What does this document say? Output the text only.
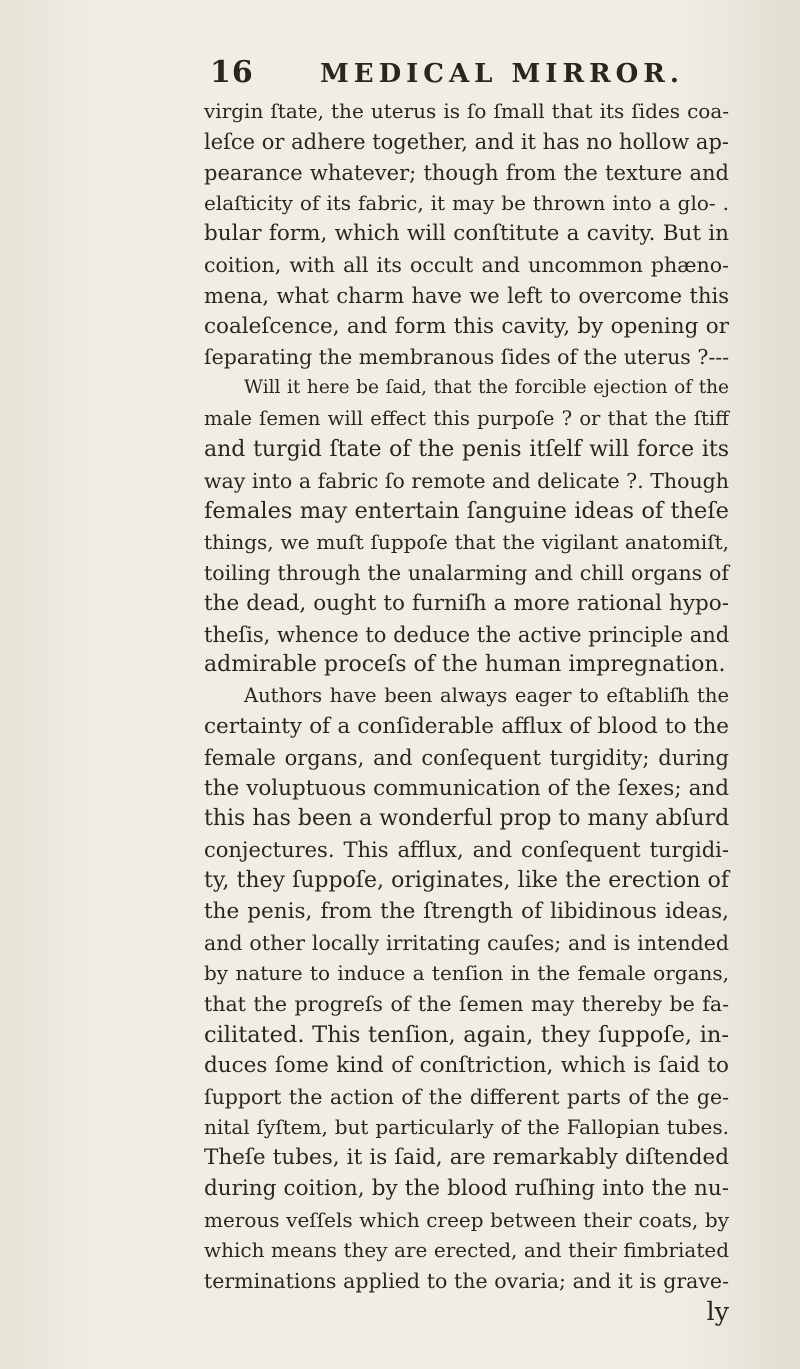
16	MEDICAL MIRROR.
virgin ſtate, the uterus is ſo ſmall that its ſides coa-
leſce or adhere together, and it has no hollow ap-
pearance whatever; though from the texture and
elaſticity of its fabric, it may be thrown into a glo- .
bular form, which will conſtitute a cavity. But in
coition, with all its occult and uncommon phæno-
mena, what charm have we left to overcome this
coaleſcence, and form this cavity, by opening or
ſeparating the membranous ſides of the uterus ?---
Will it here be ſaid, that the forcible ejection of the
male ſemen will effect this purpoſe ? or that the ſtiff
and turgid ſtate of the penis itſelf will force its
way into a fabric ſo remote and delicate ?. Though
females may entertain ſanguine ideas of theſe
things, we muſt ſuppoſe that the vigilant anatomiſt,
toiling through the unalarming and chill organs of
the dead, ought to furniſh a more rational hypo-
theſis, whence to deduce the active principle and
admirable proceſs of the human impregnation.
Authors have been always eager to eſtabliſh the
certainty of a conſiderable afflux of blood to the
female organs, and conſequent turgidity; during
the voluptuous communication of the ſexes; and
this has been a wonderful prop to many abſurd
conjectures. This afflux, and conſequent turgidi-
ty, they ſuppoſe, originates, like the erection of
the penis, from the ſtrength of libidinous ideas,
and other locally irritating cauſes; and is intended
by nature to induce a tenſion in the female organs,
that the progreſs of the ſemen may thereby be fa-
cilitated. This tenſion, again, they ſuppoſe, in-
duces ſome kind of conſtriction, which is ſaid to
ſupport the action of the different parts of the ge-
nital ſyſtem, but particularly of the Fallopian tubes.
Theſe tubes, it is ſaid, are remarkably diſtended
during coition, by the blood ruſhing into the nu-
merous veſſels which creep between their coats, by
which means they are erected, and their fimbriated
terminations applied to the ovaria; and it is grave-
ly
